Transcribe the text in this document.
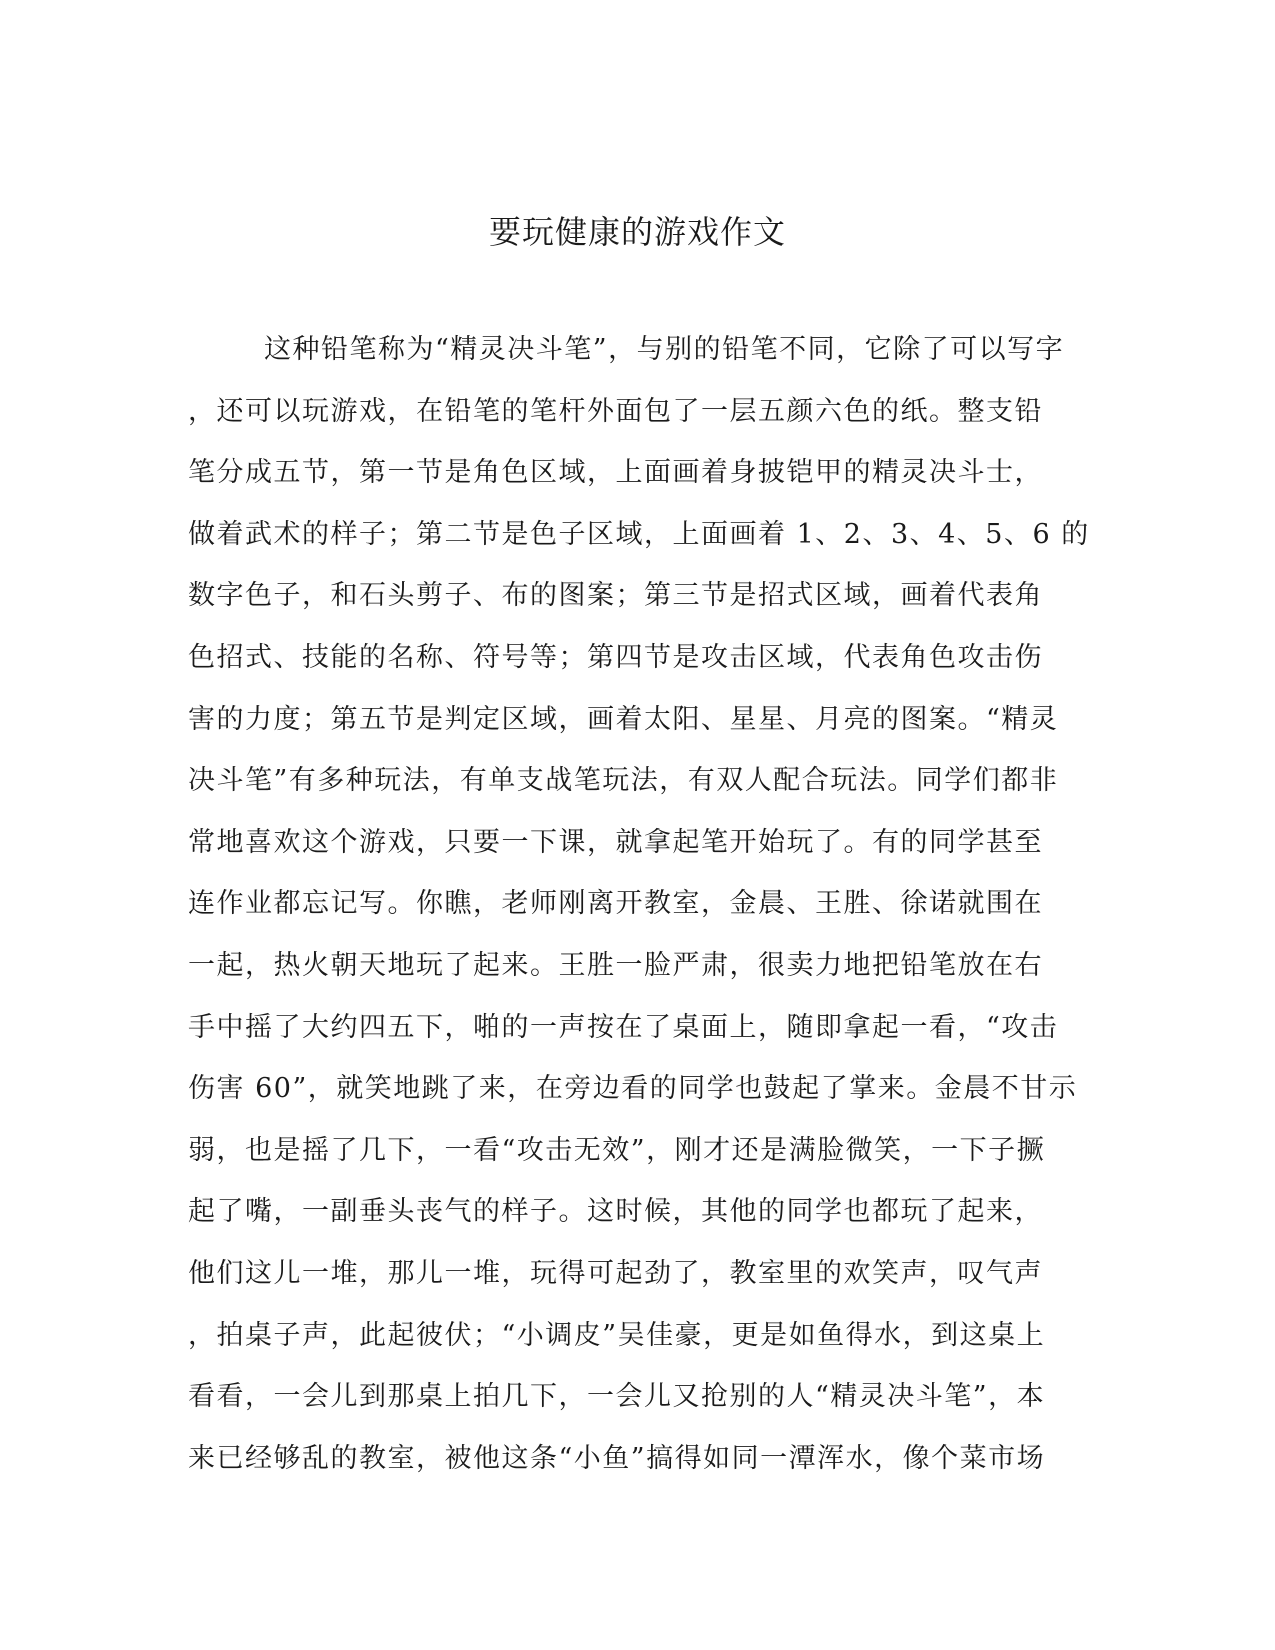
要玩健康的游戏作文
这种铅笔称为“精灵决斗笔”，与别的铅笔不同，它除了可以写字
，还可以玩游戏，在铅笔的笔杆外面包了一层五颜六色的纸。整支铅
笔分成五节，第一节是角色区域，上面画着身披铠甲的精灵决斗士，
做着武术的样子；第二节是色子区域，上面画着 1、2、3、4、5、6 的
数字色子，和石头剪子、布的图案；第三节是招式区域，画着代表角
色招式、技能的名称、符号等；第四节是攻击区域，代表角色攻击伤
害的力度；第五节是判定区域，画着太阳、星星、月亮的图案。“精灵
决斗笔”有多种玩法，有单支战笔玩法，有双人配合玩法。同学们都非
常地喜欢这个游戏，只要一下课，就拿起笔开始玩了。有的同学甚至
连作业都忘记写。你瞧，老师刚离开教室，金晨、王胜、徐诺就围在
一起，热火朝天地玩了起来。王胜一脸严肃，很卖力地把铅笔放在右
手中摇了大约四五下，啪的一声按在了桌面上，随即拿起一看，“攻击
伤害 60”，就笑地跳了来，在旁边看的同学也鼓起了掌来。金晨不甘示
弱，也是摇了几下，一看“攻击无效”，刚才还是满脸微笑，一下子撅
起了嘴，一副垂头丧气的样子。这时候，其他的同学也都玩了起来，
他们这儿一堆，那儿一堆，玩得可起劲了，教室里的欢笑声，叹气声
，拍桌子声，此起彼伏；“小调皮”吴佳豪，更是如鱼得水，到这桌上
看看，一会儿到那桌上拍几下，一会儿又抢别的人“精灵决斗笔”，本
来已经够乱的教室，被他这条“小鱼”搞得如同一潭浑水，像个菜市场
